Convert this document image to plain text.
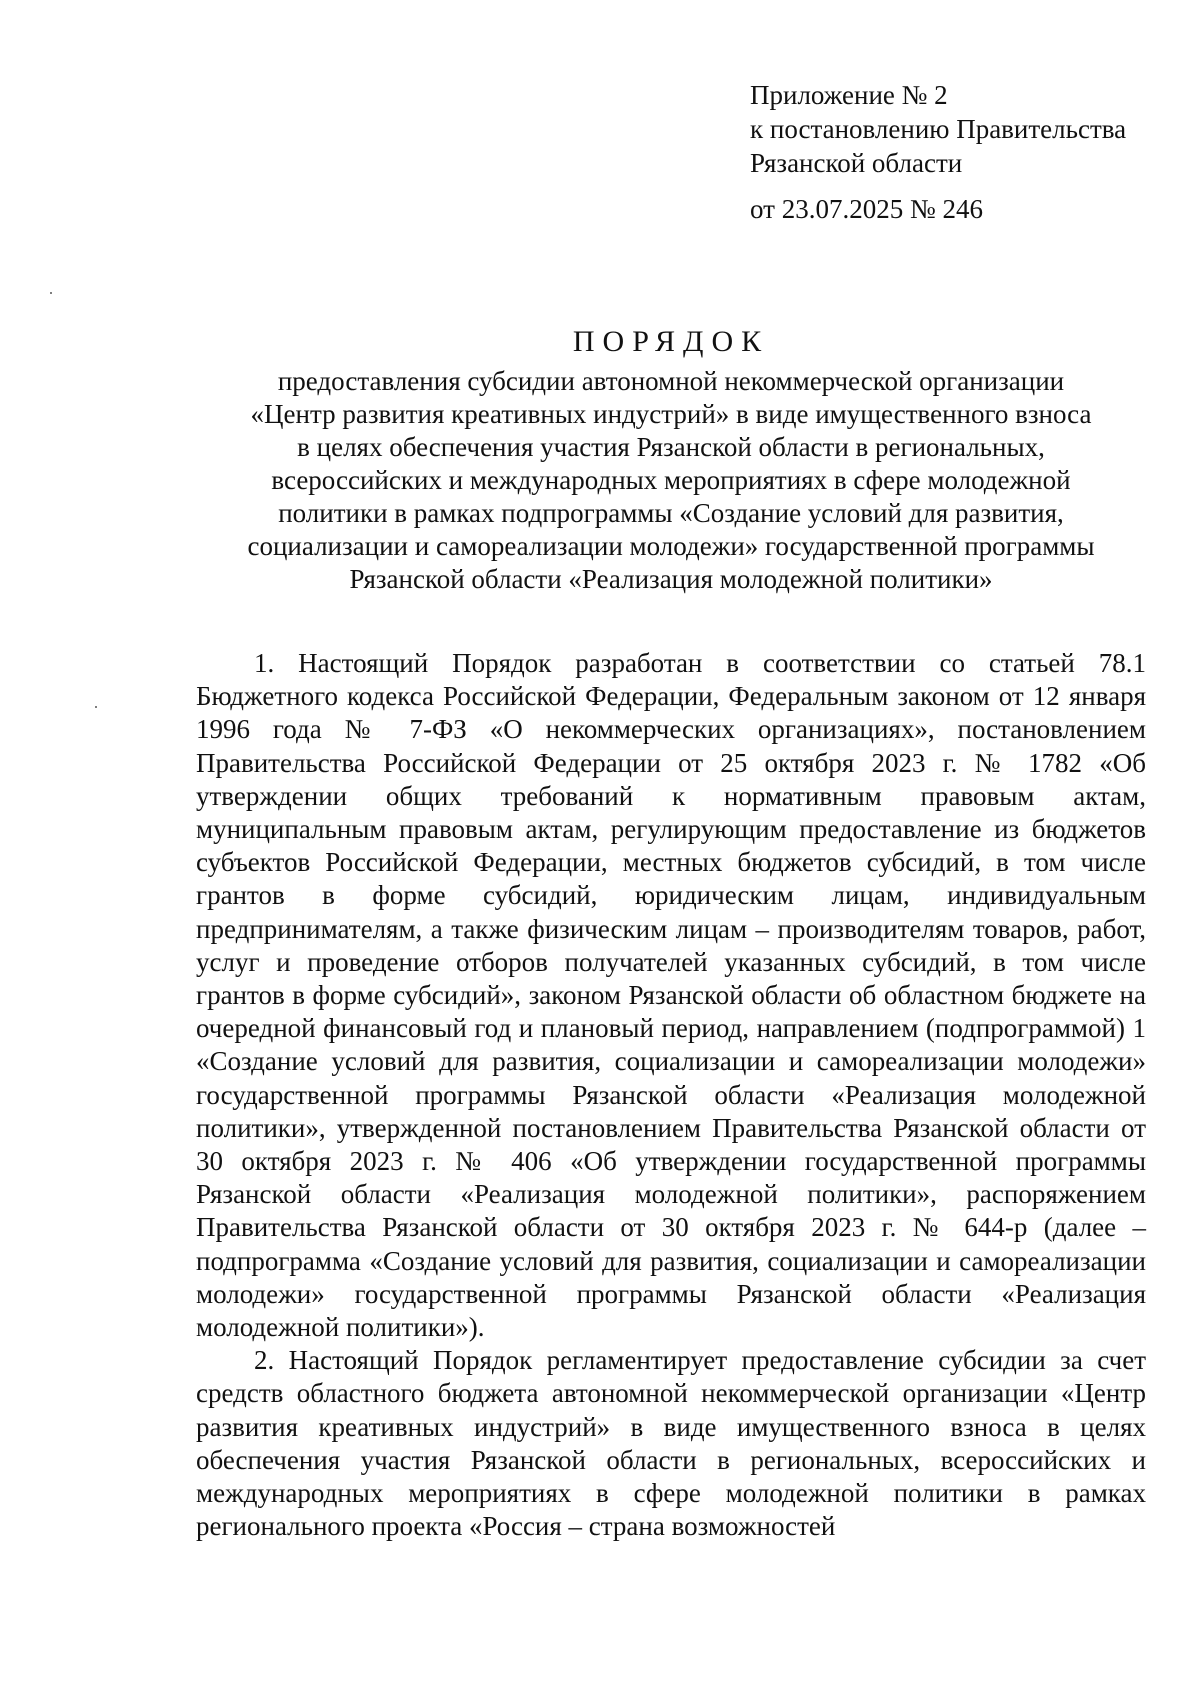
Приложение № 2
к постановлению Правительства
Рязанской области
от 23.07.2025 № 246
ПОРЯДОК
предоставления субсидии автономной некоммерческой организации
«Центр развития креативных индустрий» в виде имущественного взноса
в целях обеспечения участия Рязанской области в региональных,
всероссийских и международных мероприятиях в сфере молодежной
политики в рамках подпрограммы «Создание условий для развития,
социализации и самореализации молодежи» государственной программы
Рязанской области «Реализация молодежной политики»

1. Настоящий Порядок разработан в соответствии со статьей 78.1 Бюджетного кодекса Российской Федерации, Федеральным законом от 12 января 1996 года № 7-ФЗ «О некоммерческих организациях», постановлением Правительства Российской Федерации от 25 октября 2023 г. № 1782 «Об утверждении общих требований к нормативным правовым актам, муниципальным правовым актам, регулирующим предоставление из бюджетов субъектов Российской Федерации, местных бюджетов субсидий, в том числе грантов в форме субсидий, юридическим лицам, индивидуальным предпринимателям, а также физическим лицам – производителям товаров, работ, услуг и проведение отборов получателей указанных субсидий, в том числе грантов в форме субсидий», законом Рязанской области об областном бюджете на очередной финансовый год и плановый период, направлением (подпрограммой) 1 «Создание условий для развития, социализации и самореализации молодежи» государственной программы Рязанской области «Реализация молодежной политики», утвержденной постановлением Правительства Рязанской области от 30 октября 2023 г. № 406 «Об утверждении государственной программы Рязанской области «Реализация молодежной политики», распоряжением Правительства Рязанской области от 30 октября 2023 г. № 644-р (далее – подпрограмма «Создание условий для развития, социализации и самореализации молодежи» государственной программы Рязанской области «Реализация молодежной политики»).

2. Настоящий Порядок регламентирует предоставление субсидии за счет средств областного бюджета автономной некоммерческой организации «Центр развития креативных индустрий» в виде имущественного взноса в целях обеспечения участия Рязанской области в региональных, всероссийских и международных мероприятиях в сфере молодежной политики в рамках регионального проекта «Россия – страна возможностей
